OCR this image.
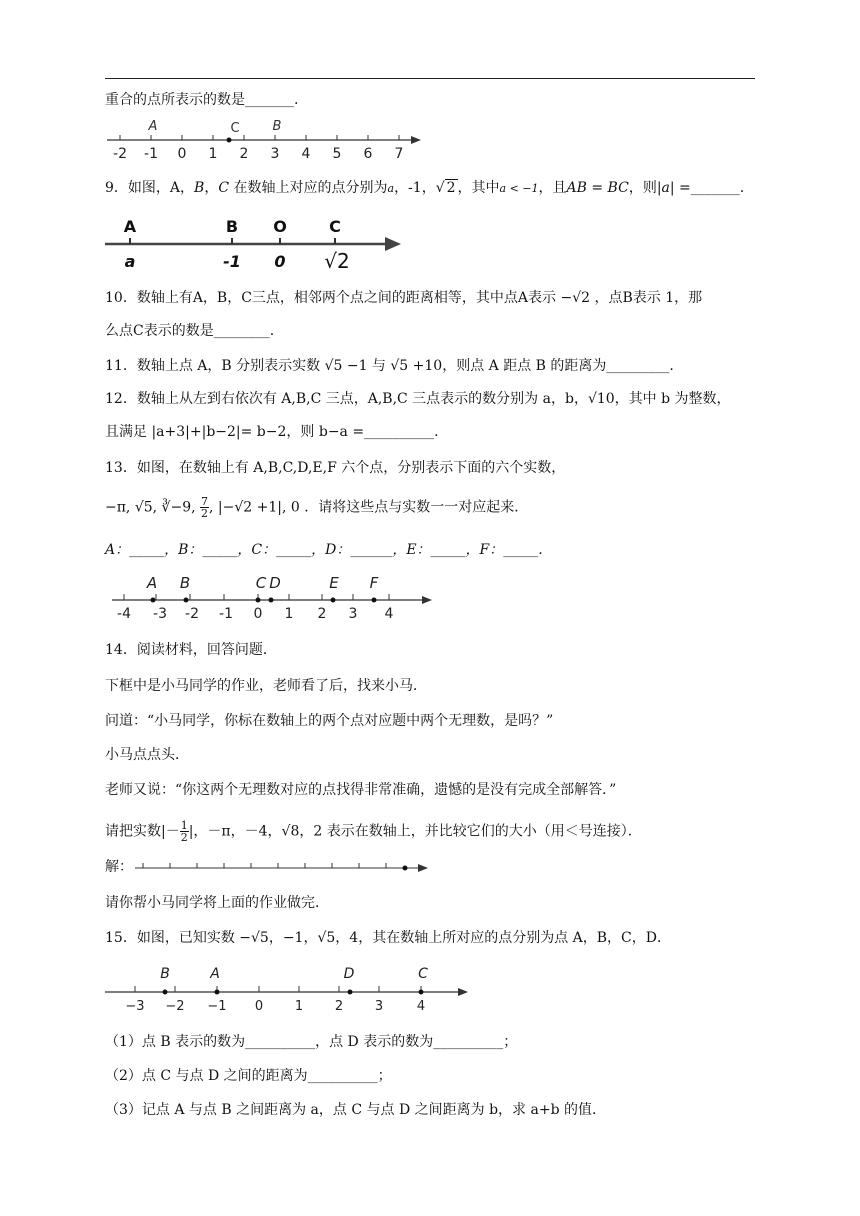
重合的点所表示的数是_______.
-2 -1 0 1 2 3 4 5 6 7
A	C	B
9．如图，A，B，C 在数轴上对应的点分别为a，-1，√ 2 ，其中a < −1，且AB = BC，则|a| =_______.
A	B O	C
a	-1 0 √2
10．数轴上有A，B，C三点，相邻两个点之间的距离相等，其中点A表示 −√2 ，点B表示 1，那
么点C表示的数是________.
11．数轴上点 A，B 分别表示实数 √5 −1 与 √5 +10，则点 A 距点 B 的距离为_________.
12．数轴上从左到右依次有 A,B,C 三点，A,B,C 三点表示的数分别为 a，b，√10，其中 b 为整数，
且满足 |a+3|+|b−2|= b−2，则 b−a =__________.
13．如图，在数轴上有 A,B,C,D,E,F 六个点，分别表示下面的六个实数，
−π, √5, ∛−9, $\frac{7}{2}$ , |−√2 +1|, 0 ．请将这些点与实数一一对应起来．
A：_____，B：_____，C：_____，D：______，E：_____，F：_____.
-4 -3 -2 -1 0 1 2 3 4
A B	C D	E F
14．阅读材料，回答问题．
下框中是小马同学的作业，老师看了后，找来小马．
问道：“小马同学，你标在数轴上的两个点对应题中两个无理数，是吗？”
小马点点头．
老师又说：“你这两个无理数对应的点找得非常准确，遗憾的是没有完成全部解答．”
请把实数|－ $\frac{1}{2}$ |，－π，－4，√8，2 表示在数轴上，并比较它们的大小（用＜号连接）．
解：
请你帮小马同学将上面的作业做完．
15．如图，已知实数 −√5，−1，√5，4，其在数轴上所对应的点分别为点 A，B，C，D．
−3 −2 −1 0 1 2 3	4
B	A	D	C
（1）点 B 表示的数为__________，点 D 表示的数为__________；
（2）点 C 与点 D 之间的距离为__________；
（3）记点 A 与点 B 之间距离为 a，点 C 与点 D 之间距离为 b，求 a+b 的值．
